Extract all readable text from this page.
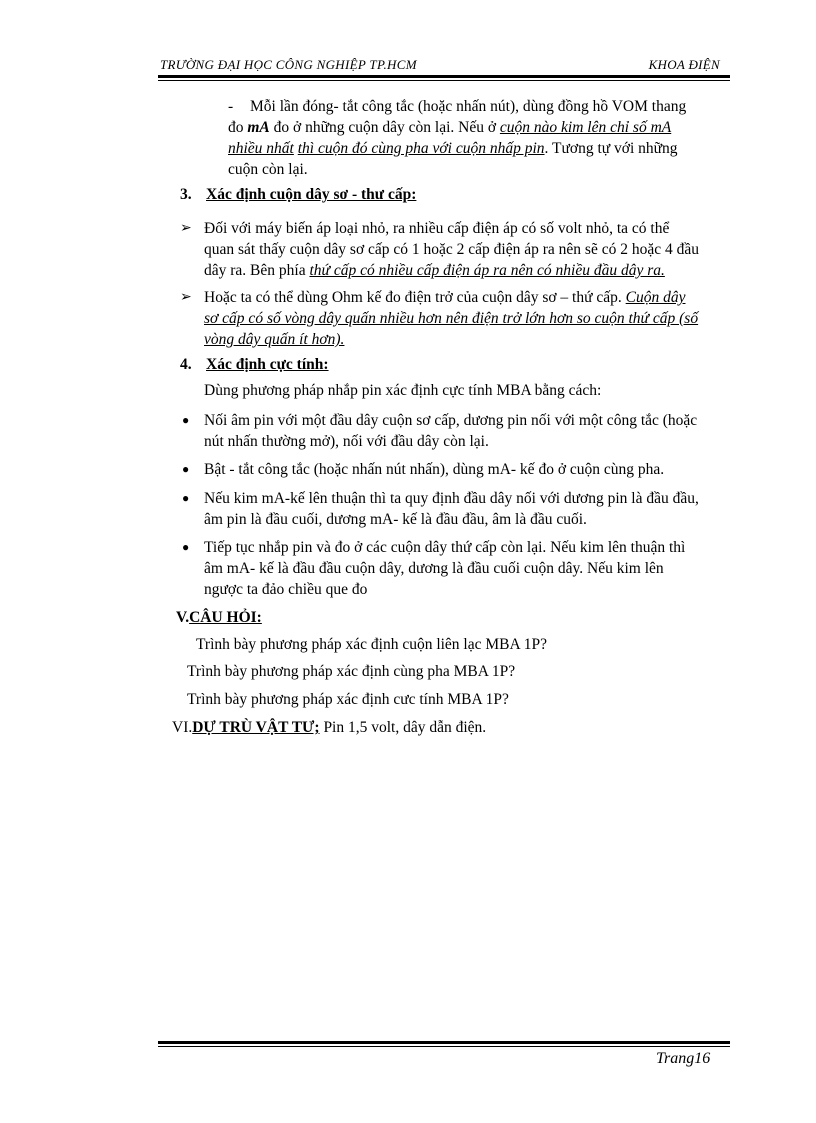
TRƯỜNG ĐẠI HỌC CÔNG NGHIỆP TP.HCM	KHOA ĐIỆN
- Mỗi lần đóng- tắt công tắc (hoặc nhấn nút), dùng đồng hồ VOM thang
đo mA đo ở những cuộn dây còn lại. Nếu ở cuộn nào kim lên chỉ số mA
nhiều nhất thì cuộn đó cùng pha với cuộn nhấp pin. Tương tự với những
cuộn còn lại.
3. Xác định cuộn dây sơ - thư cấp:
➢ Đối với máy biến áp loại nhỏ, ra nhiều cấp điện áp có số volt nhỏ, ta có thể
quan sát thấy cuộn dây sơ cấp có 1 hoặc 2 cấp điện áp ra nên sẽ có 2 hoặc 4 đầu
dây ra. Bên phía thứ cấp có nhiều cấp điện áp ra nên có nhiều đầu dây ra.
➢ Hoặc ta có thể dùng Ohm kế đo điện trở của cuộn dây sơ – thứ cấp. Cuộn dây
sơ cấp có số vòng dây quấn nhiều hơn nên điện trở lớn hơn so cuộn thứ cấp (số
vòng dây quấn ít hơn).
4. Xác định cực tính:
Dùng phương pháp nhắp pin xác định cực tính MBA bằng cách:
● Nối âm pin với một đầu dây cuộn sơ cấp, dương pin nối với một công tắc (hoặc
nút nhấn thường mở), nối với đầu dây còn lại.
● Bật - tắt công tắc (hoặc nhấn nút nhấn), dùng mA- kế đo ở cuộn cùng pha.
● Nếu kim mA-kế lên thuận thì ta quy định đầu dây nối với dương pin là đầu đầu,
âm pin là đầu cuối, dương mA- kế là đầu đầu, âm là đầu cuối.
● Tiếp tục nhắp pin và đo ở các cuộn dây thứ cấp còn lại. Nếu kim lên thuận thì
âm mA- kế là đầu đầu cuộn dây, dương là đầu cuối cuộn dây. Nếu kim lên
ngược ta đảo chiều que đo
V.CÂU HỎI:
Trình bày phương pháp xác định cuộn liên lạc MBA 1P?
Trình bày phương pháp xác định cùng pha MBA 1P?
Trình bày phương pháp xác định cưc tính MBA 1P?
VI.DỰ TRÙ VẬT TƯ; Pin 1,5 volt, dây dẫn điện.
Trang16
